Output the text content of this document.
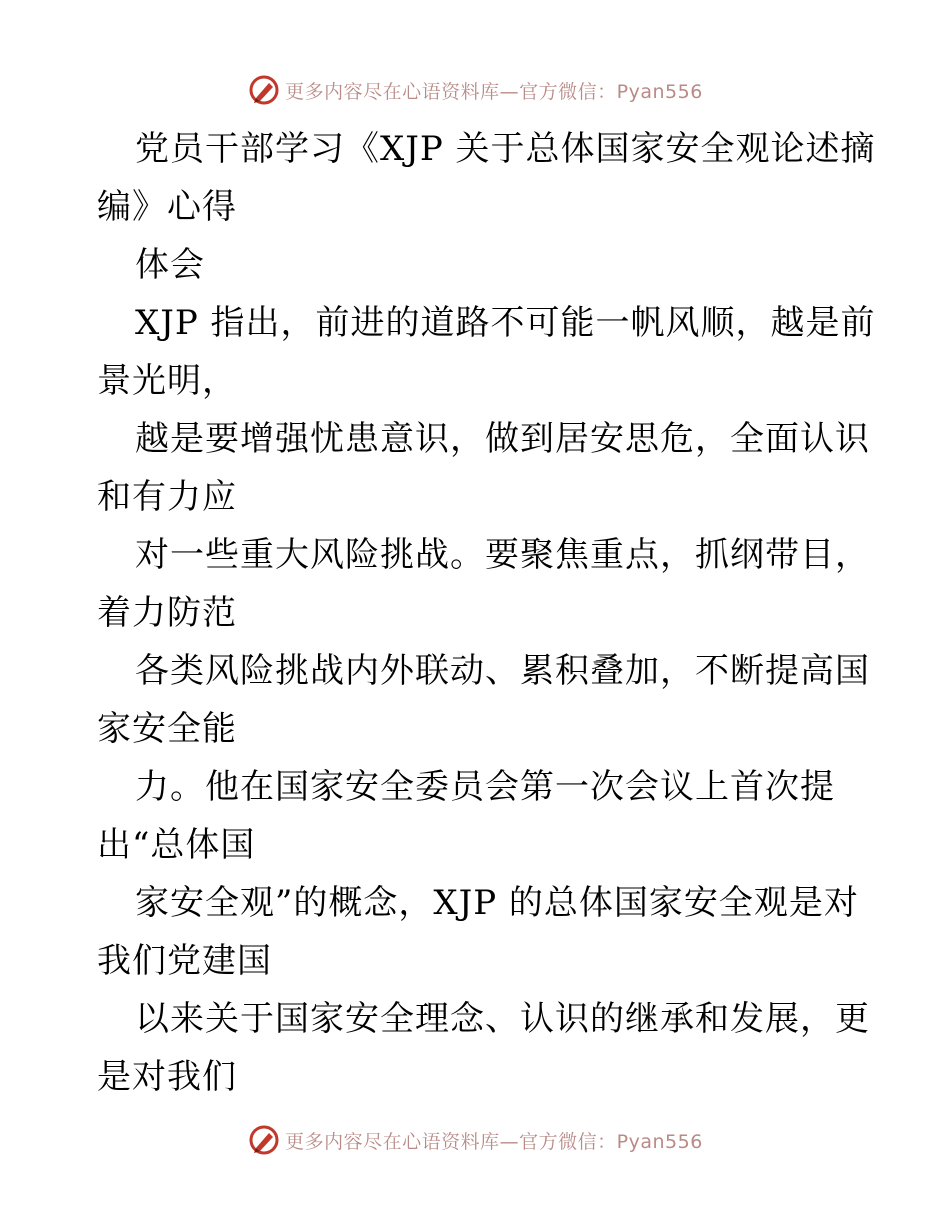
更多内容尽在心语资料库—官方微信：Pyan556
党员干部学习《XJP 关于总体国家安全观论述摘
编》心得
体会
XJP 指出，前进的道路不可能一帆风顺，越是前
景光明，
越是要增强忧患意识，做到居安思危，全面认识
和有力应
对一些重大风险挑战。要聚焦重点，抓纲带目，
着力防范
各类风险挑战内外联动、累积叠加，不断提高国
家安全能
力。他在国家安全委员会第一次会议上首次提
出“总体国
家安全观”的概念，XJP 的总体国家安全观是对
我们党建国
以来关于国家安全理念、认识的继承和发展，更
是对我们
更多内容尽在心语资料库—官方微信：Pyan556
